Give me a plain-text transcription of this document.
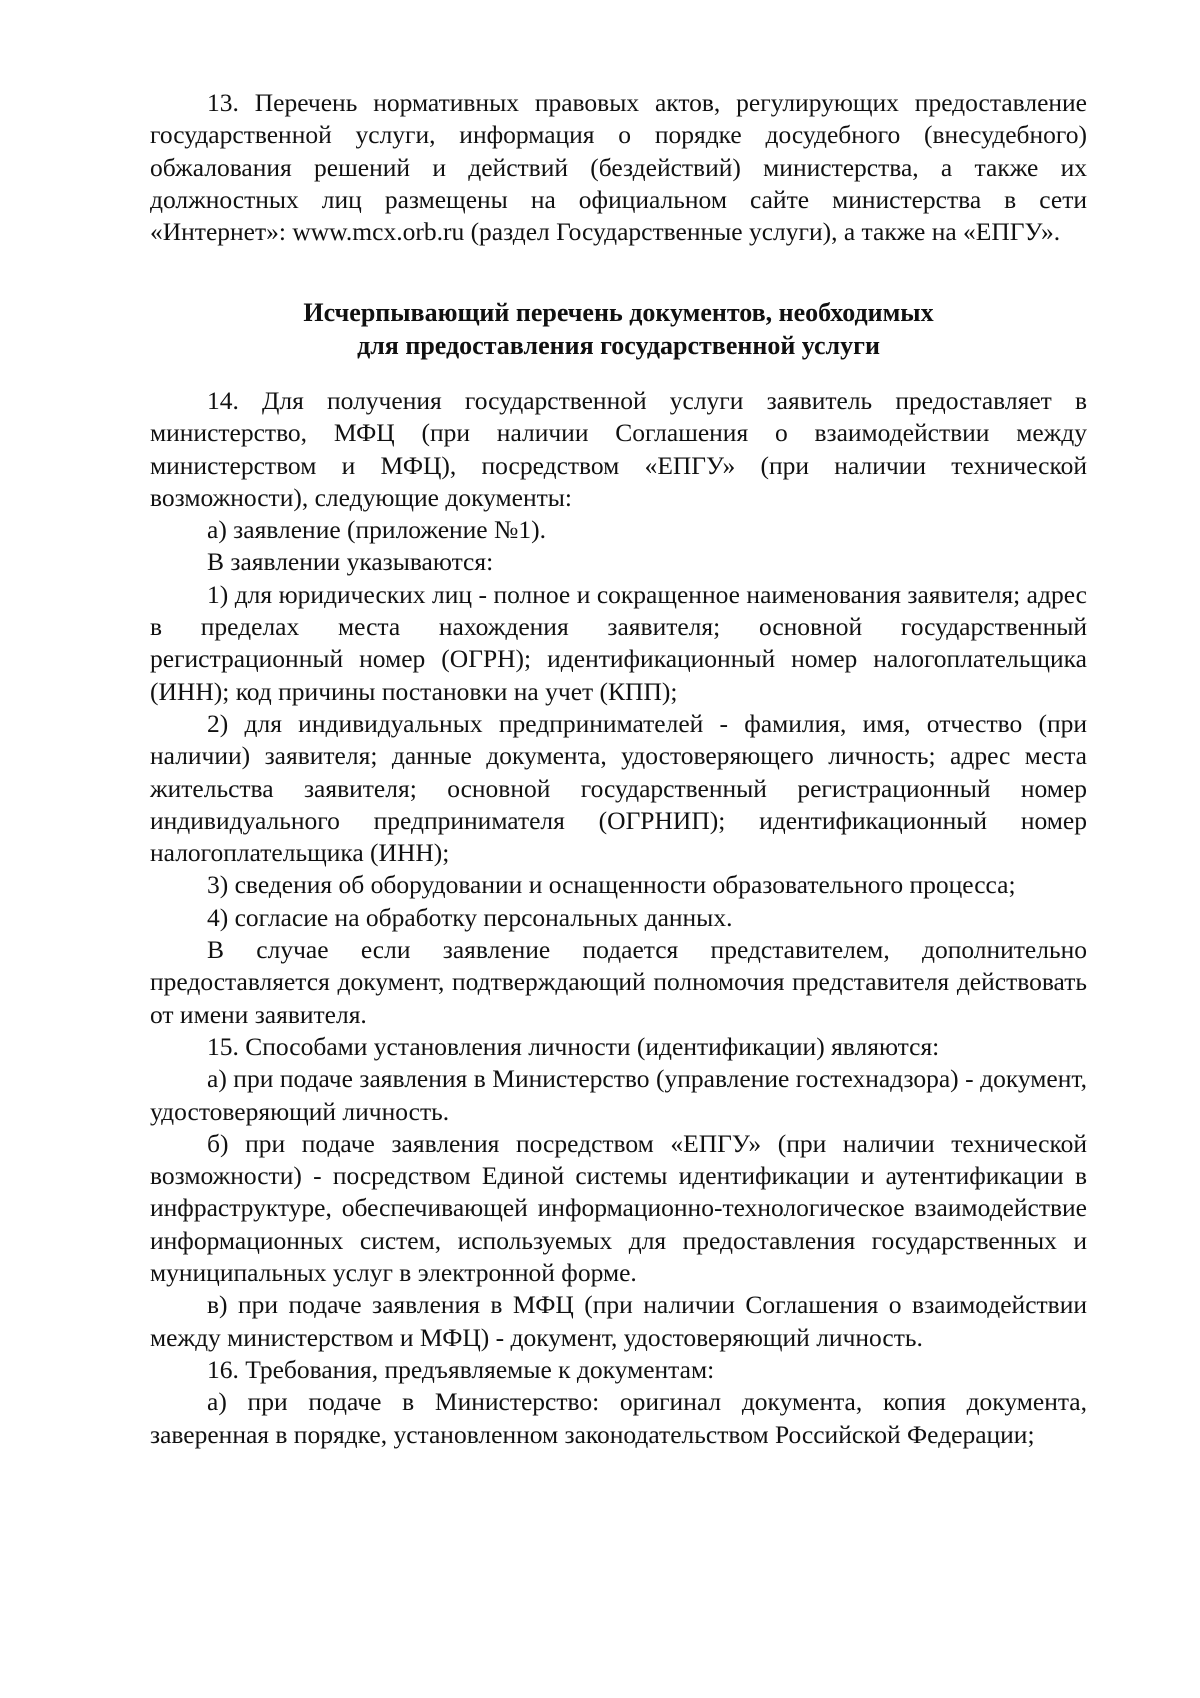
13. Перечень нормативных правовых актов, регулирующих предоставление государственной услуги, информация о порядке досудебного (внесудебного) обжалования решений и действий (бездействий) министерства, а также их должностных лиц размещены на официальном сайте министерства в сети «Интернет»: www.mcx.orb.ru (раздел Государственные услуги), а также на «ЕПГУ».

Исчерпывающий перечень документов, необходимых
для предоставления государственной услуги

14. Для получения государственной услуги заявитель предоставляет в министерство, МФЦ (при наличии Соглашения о взаимодействии между министерством и МФЦ), посредством «ЕПГУ» (при наличии технической возможности), следующие документы:

а) заявление (приложение №1).

В заявлении указываются:

1) для юридических лиц - полное и сокращенное наименования заявителя; адрес в пределах места нахождения заявителя; основной государственный регистрационный номер (ОГРН); идентификационный номер налогоплательщика (ИНН); код причины постановки на учет (КПП);

2) для индивидуальных предпринимателей - фамилия, имя, отчество (при наличии) заявителя; данные документа, удостоверяющего личность; адрес места жительства заявителя; основной государственный регистрационный номер индивидуального предпринимателя (ОГРНИП); идентификационный номер налогоплательщика (ИНН);

3) сведения об оборудовании и оснащенности образовательного процесса;

4) согласие на обработку персональных данных.

В случае если заявление подается представителем, дополнительно предоставляется документ, подтверждающий полномочия представителя действовать от имени заявителя.

15. Способами установления личности (идентификации) являются:

а) при подаче заявления в Министерство (управление гостехнадзора) - документ, удостоверяющий личность.

б) при подаче заявления посредством «ЕПГУ» (при наличии технической возможности) - посредством Единой системы идентификации и аутентификации в инфраструктуре, обеспечивающей информационно-технологическое взаимодействие информационных систем, используемых для предоставления государственных и муниципальных услуг в электронной форме.

в) при подаче заявления в МФЦ (при наличии Соглашения о взаимодействии между министерством и МФЦ) - документ, удостоверяющий личность.

16. Требования, предъявляемые к документам:

а) при подаче в Министерство: оригинал документа, копия документа, заверенная в порядке, установленном законодательством Российской Федерации;
